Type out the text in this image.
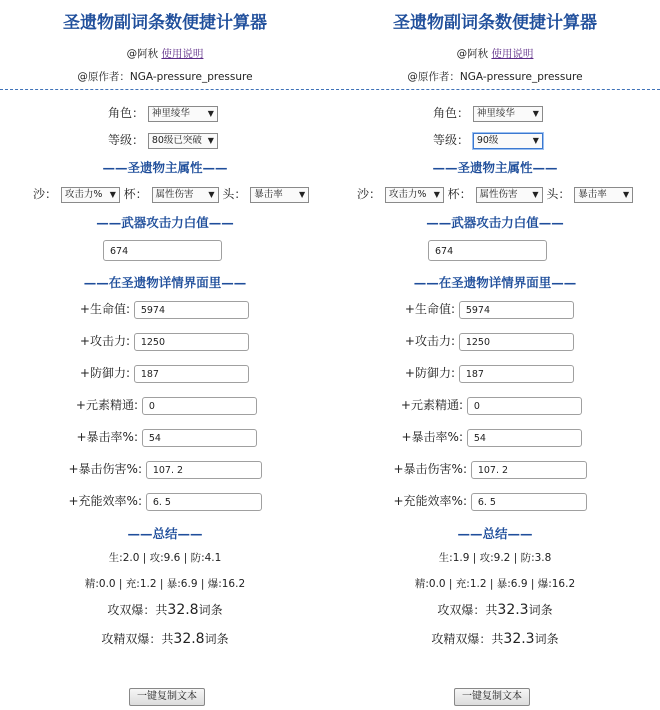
圣遗物副词条数便捷计算器
@阿秋 使用说明
@原作者：NGA-pressure_pressure
角色： 神里绫华 ▼
等级： 80级已突破 ▼
——圣遗物主属性——
沙： 攻击力% ▼ 杯： 属性伤害 ▼ 头： 暴击率 ▼
——武器攻击力白值——
674
——在圣遗物详情界面里——
+生命值: 5974
+攻击力: 1250
+防御力: 187
+元素精通: 0
+暴击率%: 54
+暴击伤害%: 107. 2
+充能效率%: 6. 5
——总结——
生:2.0 | 攻:9.6 | 防:4.1
精:0.0 | 充:1.2 | 暴:6.9 | 爆:16.2
攻双爆：共32.8词条
攻精双爆：共32.8词条
一键复制文本
圣遗物副词条数便捷计算器
@阿秋 使用说明
@原作者：NGA-pressure_pressure
角色： 神里绫华 ▼
等级： 90级	▼
——圣遗物主属性——
沙： 攻击力% ▼ 杯： 属性伤害 ▼ 头： 暴击率 ▼
——武器攻击力白值——
674
——在圣遗物详情界面里——
+生命值: 5974
+攻击力: 1250
+防御力: 187
+元素精通: 0
+暴击率%: 54
+暴击伤害%: 107. 2
+充能效率%: 6. 5
——总结——
生:1.9 | 攻:9.2 | 防:3.8
精:0.0 | 充:1.2 | 暴:6.9 | 爆:16.2
攻双爆：共32.3词条
攻精双爆：共32.3词条
一键复制文本
